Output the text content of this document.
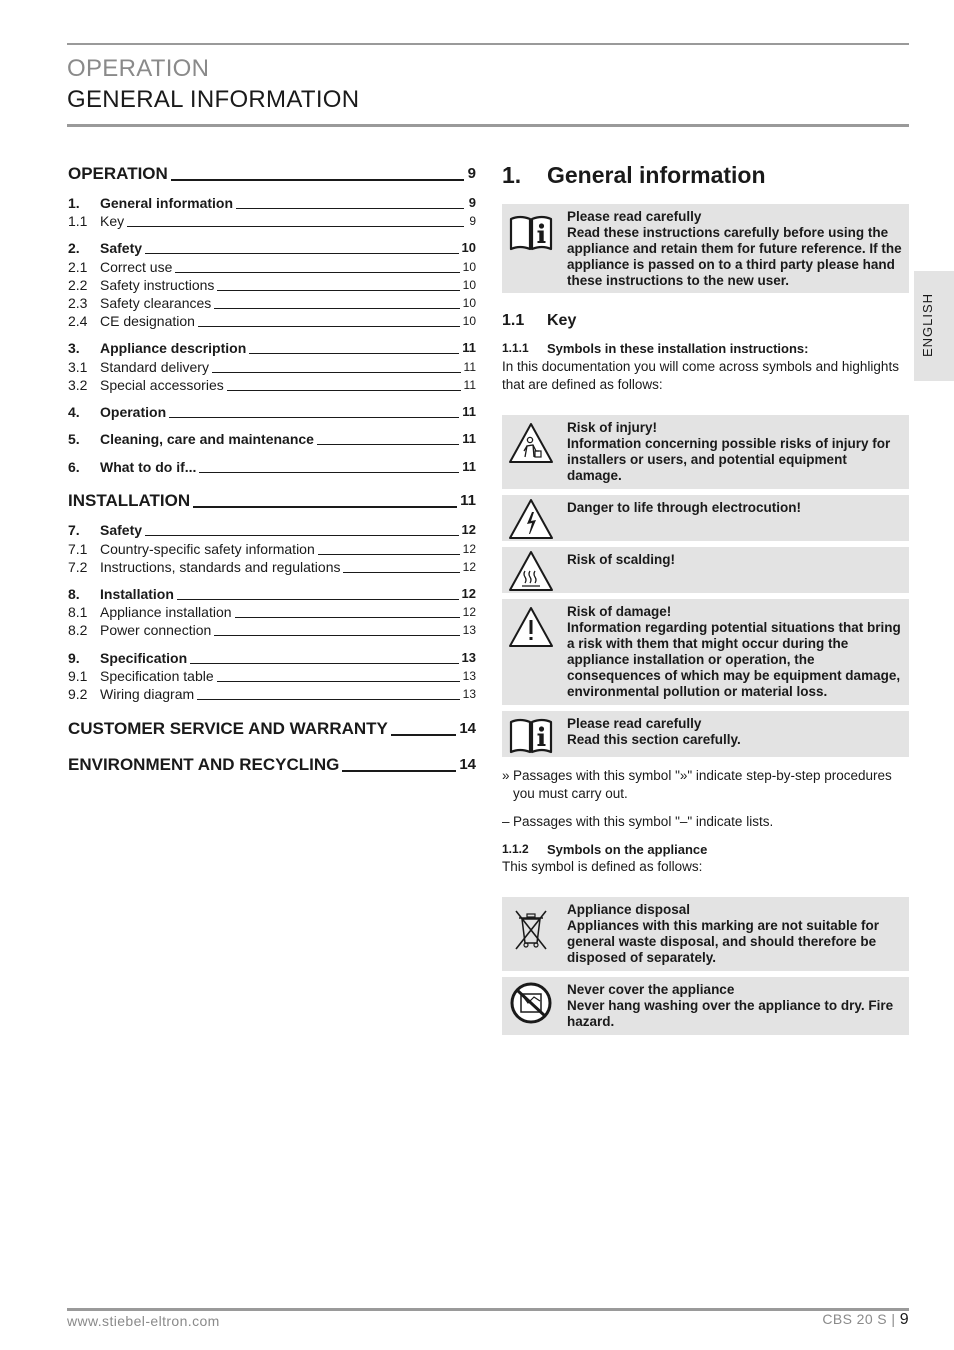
OPERATION
GENERAL INFORMATION
OPERATION	9
1.	General information	9
1.1 Key	9
2.	Safety	10
2.1 Correct use	10
2.2 Safety instructions	10
2.3 Safety clearances	10
2.4 CE designation	10
3.	Appliance description	11
3.1 Standard delivery	11
3.2 Special accessories	11
4.	Operation	11
5.	Cleaning, care and maintenance	11
6.	What to do if...	11
INSTALLATION	11
7.	Safety	12
7.1 Country-specific safety information	12
7.2 Instructions, standards and regulations	12
8.	Installation	12
8.1 Appliance installation	12
8.2 Power connection	13
9.	Specification	13
9.1 Specification table	13
9.2 Wiring diagram	13
CUSTOMER SERVICE AND WARRANTY	14
ENVIRONMENT AND RECYCLING	14
1.	General information
Please read carefully
Read these instructions carefully before using the appliance and retain them for future reference. If the appliance is passed on to a third party please hand these instructions to the new user.
1.1	Key
1.1.1	Symbols in these installation instructions:
In this documentation you will come across symbols and highlights that are defined as follows:
Risk of injury!
Information concerning possible risks of injury for installers or users, and potential equipment damage.
Danger to life through electrocution!
Risk of scalding!
Risk of damage!
Information regarding potential situations that bring a risk with them that might occur during the appliance installation or operation, the consequences of which may be equipment damage, environmental pollution or material loss.
Please read carefully
Read this section carefully.
» Passages with this symbol "»" indicate step-by-step procedures you must carry out.
– Passages with this symbol "–" indicate lists.
1.1.2	Symbols on the appliance
This symbol is defined as follows:
Appliance disposal
Appliances with this marking are not suitable for general waste disposal, and should therefore be disposed of separately.
Never cover the appliance
Never hang washing over the appliance to dry. Fire hazard.
ENGLISH
www.stiebel-eltron.com	CBS 20 S | 9
